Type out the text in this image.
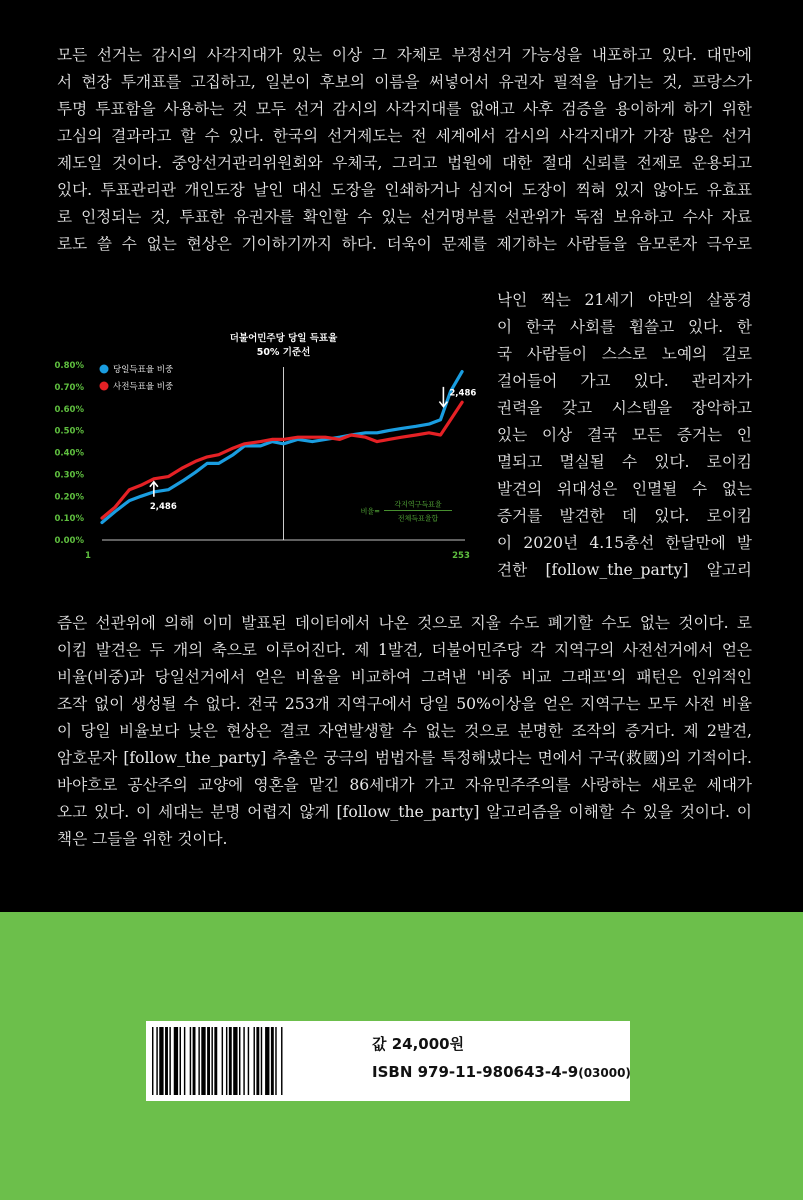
모든 선거는 감시의 사각지대가 있는 이상 그 자체로 부정선거 가능성을 내포하고 있다. 대만에
서 현장 투개표를 고집하고, 일본이 후보의 이름을 써넣어서 유권자 필적을 남기는 것, 프랑스가
투명 투표함을 사용하는 것 모두 선거 감시의 사각지대를 없애고 사후 검증을 용이하게 하기 위한
고심의 결과라고 할 수 있다. 한국의 선거제도는 전 세계에서 감시의 사각지대가 가장 많은 선거
제도일 것이다. 중앙선거관리위원회와 우체국, 그리고 법원에 대한 절대 신뢰를 전제로 운용되고
있다. 투표관리관 개인도장 날인 대신 도장을 인쇄하거나 심지어 도장이 찍혀 있지 않아도 유효표
로 인정되는 것, 투표한 유권자를 확인할 수 있는 선거명부를 선관위가 독점 보유하고 수사 자료
로도 쓸 수 없는 현상은 기이하기까지 하다. 더욱이 문제를 제기하는 사람들을 음모론자 극우로
낙인 찍는 21세기 야만의 살풍경
이 한국 사회를 휩쓸고 있다. 한
국 사람들이 스스로 노예의 길로
걸어들어 가고 있다. 관리자가
권력을 갖고 시스템을 장악하고
있는 이상 결국 모든 증거는 인
멸되고 멸실될 수 있다. 로이킴
발견의 위대성은 인멸될 수 없는
증거를 발견한 데 있다. 로이킴
이 2020년 4.15총선 한달만에 발
견한 [follow_the_party] 알고리
즘은 선관위에 의해 이미 발표된 데이터에서 나온 것으로 지울 수도 폐기할 수도 없는 것이다. 로
이킴 발견은 두 개의 축으로 이루어진다. 제 1발견, 더불어민주당 각 지역구의 사전선거에서 얻은
비율(비중)과 당일선거에서 얻은 비율을 비교하여 그려낸 '비중 비교 그래프'의 패턴은 인위적인
조작 없이 생성될 수 없다. 전국 253개 지역구에서 당일 50%이상을 얻은 지역구는 모두 사전 비율
이 당일 비율보다 낮은 현상은 결코 자연발생할 수 없는 것으로 분명한 조작의 증거다. 제 2발견,
암호문자 [follow_the_party] 추출은 궁극의 범법자를 특정해냈다는 면에서 구국(救國)의 기적이다.
바야흐로 공산주의 교양에 영혼을 맡긴 86세대가 가고 자유민주주의를 사랑하는 새로운 세대가
오고 있다. 이 세대는 분명 어렵지 않게 [follow_the_party] 알고리즘을 이해할 수 있을 것이다. 이
책은 그들을 위한 것이다.
더불어민주당 당일 득표율
50% 기준선
0.80%
0.70%
0.60%
0.50%
0.40%
0.30%
0.20%
0.10%
0.00%
1	253
당일득표율 비중
사전득표율 비중
2,486
2,486
비율=
각지역구득표율
전체득표율합
값 24,000원
ISBN 979-11-980643-4-9(03000)
